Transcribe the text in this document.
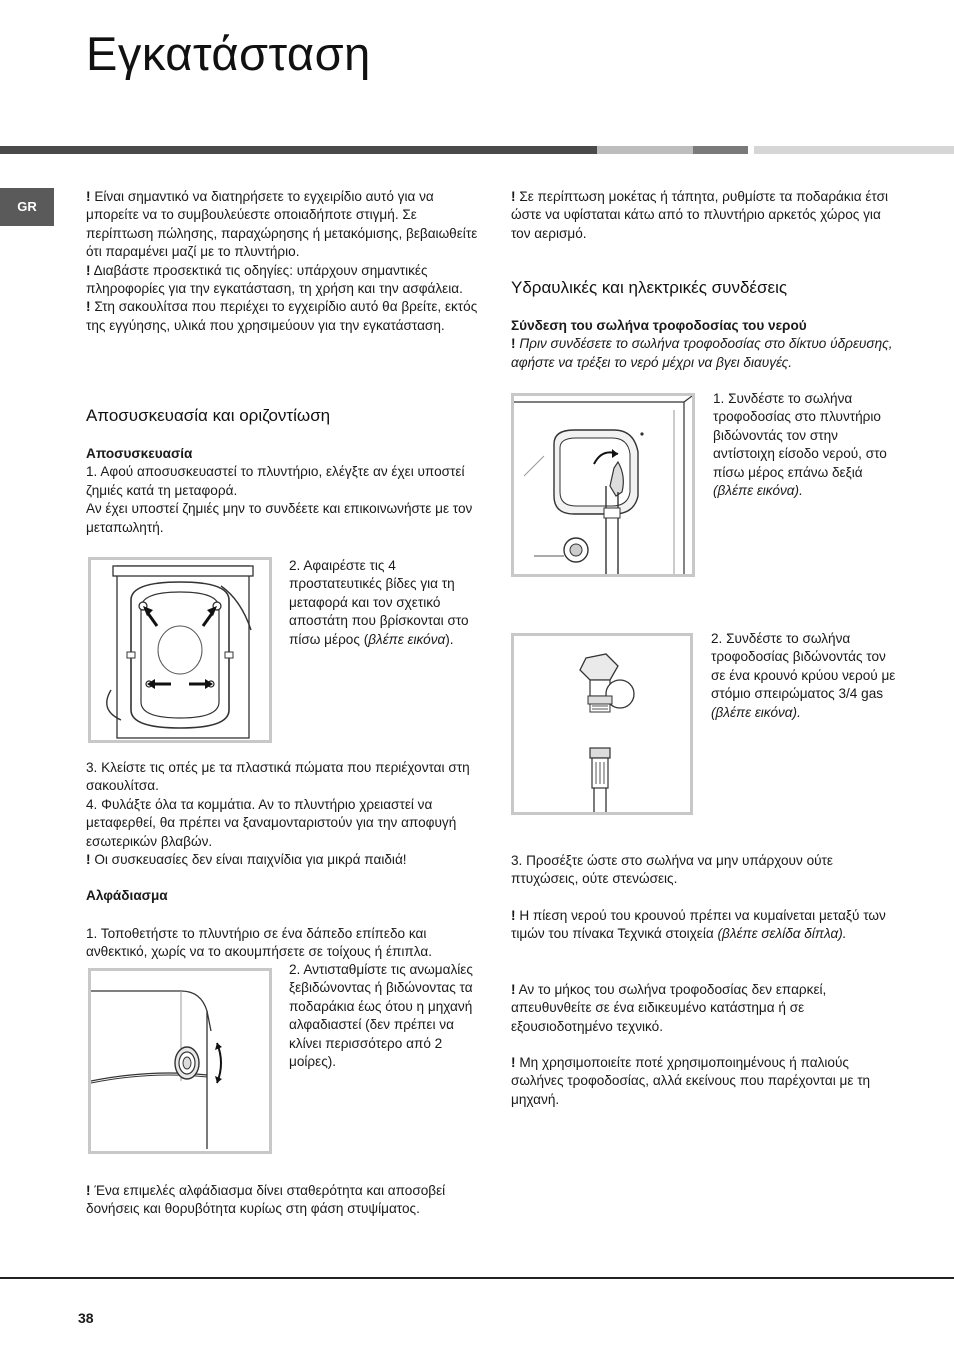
Εγκατάσταση
GR

! Είναι σημαντικό να διατηρήσετε το εγχειρίδιο αυτό για να μπορείτε να το συμβουλεύεστε οποιαδήποτε στιγμή. Σε περίπτωση πώλησης, παραχώρησης ή μετακόμισης, βεβαιωθείτε ότι παραμένει μαζί με το πλυντήριο.

! Διαβάστε προσεκτικά τις οδηγίες: υπάρχουν σημαντικές πληροφορίες για την εγκατάσταση, τη χρήση και την ασφάλεια.

! Στη σακουλίτσα που περιέχει το εγχειρίδιο αυτό θα βρείτε, εκτός της εγγύησης, υλικά που χρησιμεύουν για την εγκατάσταση.

Αποσυσκευασία και οριζοντίωση

Αποσυσκευασία

1. Αφού αποσυσκευαστεί το πλυντήριο, ελέγξτε αν έχει υποστεί ζημιές κατά τη μεταφορά.

Αν έχει υποστεί ζημιές μην το συνδέετε και επικοινωνήστε με τον μεταπωλητή.

2. Αφαιρέστε τις 4 προστατευτικές βίδες για τη μεταφορά και τον σχετικό αποστάτη που βρίσκονται στο πίσω μέρος (βλέπε εικόνα).

3. Κλείστε τις οπές με τα πλαστικά πώματα που περιέχονται στη σακουλίτσα.

4. Φυλάξτε όλα τα κομμάτια. Αν το πλυντήριο χρειαστεί να μεταφερθεί, θα πρέπει να ξαναμονταριστούν για την αποφυγή εσωτερικών βλαβών.

! Οι συσκευασίες δεν είναι παιχνίδια για μικρά παιδιά!

Αλφάδιασμα
1. Τοποθετήστε το πλυντήριο σε ένα δάπεδο επίπεδο και ανθεκτικό, χωρίς να το ακουμπήσετε σε τοίχους ή έπιπλα.
2. Αντισταθμίστε τις ανωμαλίες ξεβιδώνοντας ή βιδώνοντας τα ποδαράκια έως ότου η μηχανή αλφαδιαστεί (δεν πρέπει να κλίνει περισσότερο από 2 μοίρες).

! Ένα επιμελές αλφάδιασμα δίνει σταθερότητα και αποσοβεί δονήσεις και θορυβότητα κυρίως στη φάση στυψίματος.

! Σε περίπτωση μοκέτας ή τάπητα, ρυθμίστε τα ποδαράκια έτσι ώστε να υφίσταται κάτω από το πλυντήριο αρκετός χώρος για τον αερισμό.

Υδραυλικές και ηλεκτρικές συνδέσεις

Σύνδεση του σωλήνα τροφοδοσίας του νερού

! Πριν συνδέσετε το σωλήνα τροφοδοσίας στο δίκτυο ύδρευσης, αφήστε να τρέξει το νερό μέχρι να βγει διαυγές.

1. Συνδέστε το σωλήνα τροφοδοσίας στο πλυντήριο βιδώνοντάς τον στην αντίστοιχη είσοδο νερού, στο πίσω μέρος επάνω δεξιά (βλέπε εικόνα).

2. Συνδέστε το σωλήνα τροφοδοσίας βιδώνοντάς τον σε ένα κρουνό κρύου νερού με στόμιο σπειρώματος 3/4 gas (βλέπε εικόνα).

3. Προσέξτε ώστε στο σωλήνα να μην υπάρχουν ούτε πτυχώσεις, ούτε στενώσεις.

! Η πίεση νερού του κρουνού πρέπει να κυμαίνεται μεταξύ των τιμών του πίνακα Τεχνικά στοιχεία (βλέπε σελίδα δίπλα).

! Αν το μήκος του σωλήνα τροφοδοσίας δεν επαρκεί, απευθυνθείτε σε ένα ειδικευμένο κατάστημα ή σε εξουσιοδοτημένο τεχνικό.

! Μη χρησιμοποιείτε ποτέ χρησιμοποιημένους ή παλιούς σωλήνες τροφοδοσίας, αλλά εκείνους που παρέχονται με τη μηχανή.

38
